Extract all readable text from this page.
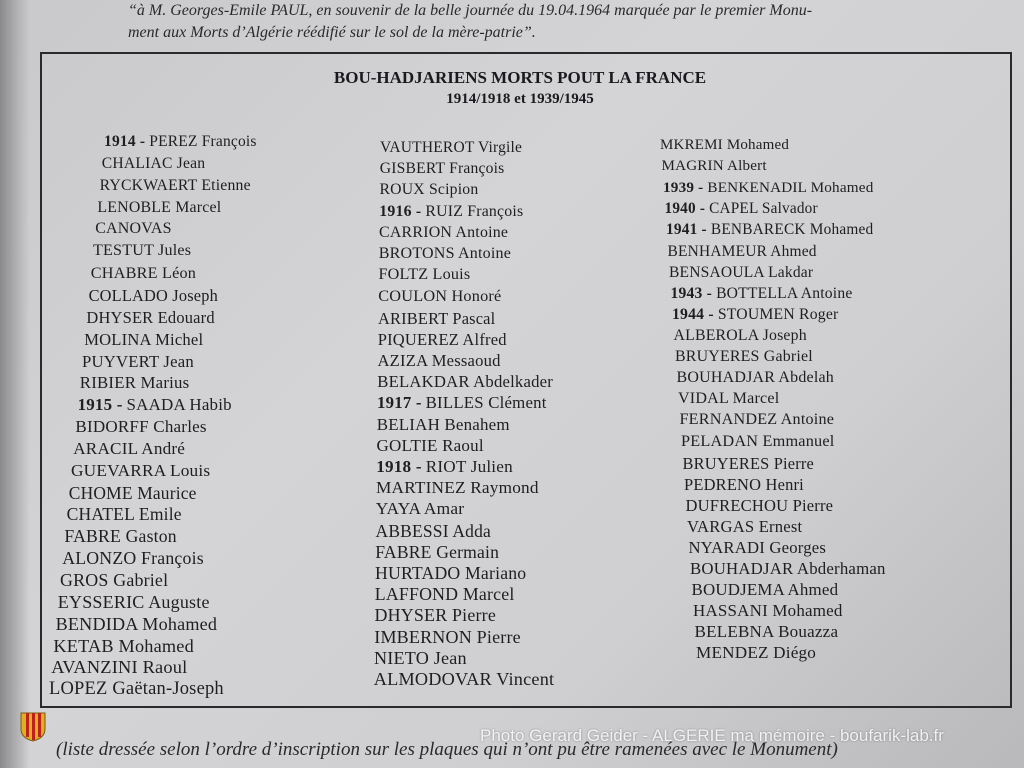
“à M. Georges-Emile PAUL, en souvenir de la belle journée du 19.04.1964 marquée par le premier Monu-
ment aux Morts d’Algérie réédifié sur le sol de la mère-patrie”.
BOU-HADJARIENS MORTS POUT LA FRANCE
1914/1918 et 1939/1945
1914 - PEREZ François
CHALIAC Jean
RYCKWAERT Etienne
LENOBLE Marcel
CANOVAS
TESTUT Jules
CHABRE Léon
COLLADO Joseph
DHYSER Edouard
MOLINA Michel
PUYVERT Jean
RIBIER Marius
1915 - SAADA Habib
BIDORFF Charles
ARACIL André
GUEVARRA Louis
CHOME Maurice
CHATEL Emile
FABRE Gaston
ALONZO François
GROS Gabriel
EYSSERIC Auguste
BENDIDA Mohamed
KETAB Mohamed
AVANZINI Raoul
LOPEZ Gaëtan-Joseph
VAUTHEROT Virgile
GISBERT François
ROUX Scipion
1916 - RUIZ François
CARRION Antoine
BROTONS Antoine
FOLTZ Louis
COULON Honoré
ARIBERT Pascal
PIQUEREZ Alfred
AZIZA Messaoud
BELAKDAR Abdelkader
1917 - BILLES Clément
BELIAH Benahem
GOLTIE Raoul
1918 - RIOT Julien
MARTINEZ Raymond
YAYA Amar
ABBESSI Adda
FABRE Germain
HURTADO Mariano
LAFFOND Marcel
DHYSER Pierre
IMBERNON Pierre
NIETO Jean
ALMODOVAR Vincent
MKREMI Mohamed
MAGRIN Albert
1939 - BENKENADIL Mohamed
1940 - CAPEL Salvador
1941 - BENBARECK Mohamed
BENHAMEUR Ahmed
BENSAOULA Lakdar
1943 - BOTTELLA Antoine
1944 - STOUMEN Roger
ALBEROLA Joseph
BRUYERES Gabriel
BOUHADJAR Abdelah
VIDAL Marcel
FERNANDEZ Antoine
PELADAN Emmanuel
BRUYERES Pierre
PEDRENO Henri
DUFRECHOU Pierre
VARGAS Ernest
NYARADI Georges
BOUHADJAR Abderhaman
BOUDJEMA Ahmed
HASSANI Mohamed
BELEBNA Bouazza
MENDEZ Diégo
(liste dressée selon l’ordre d’inscription sur les plaques qui n’ont pu être ramenées avec le Monument)
Photo Gerard Geider - ALGERIE ma mémoire - boufarik-lab.fr
